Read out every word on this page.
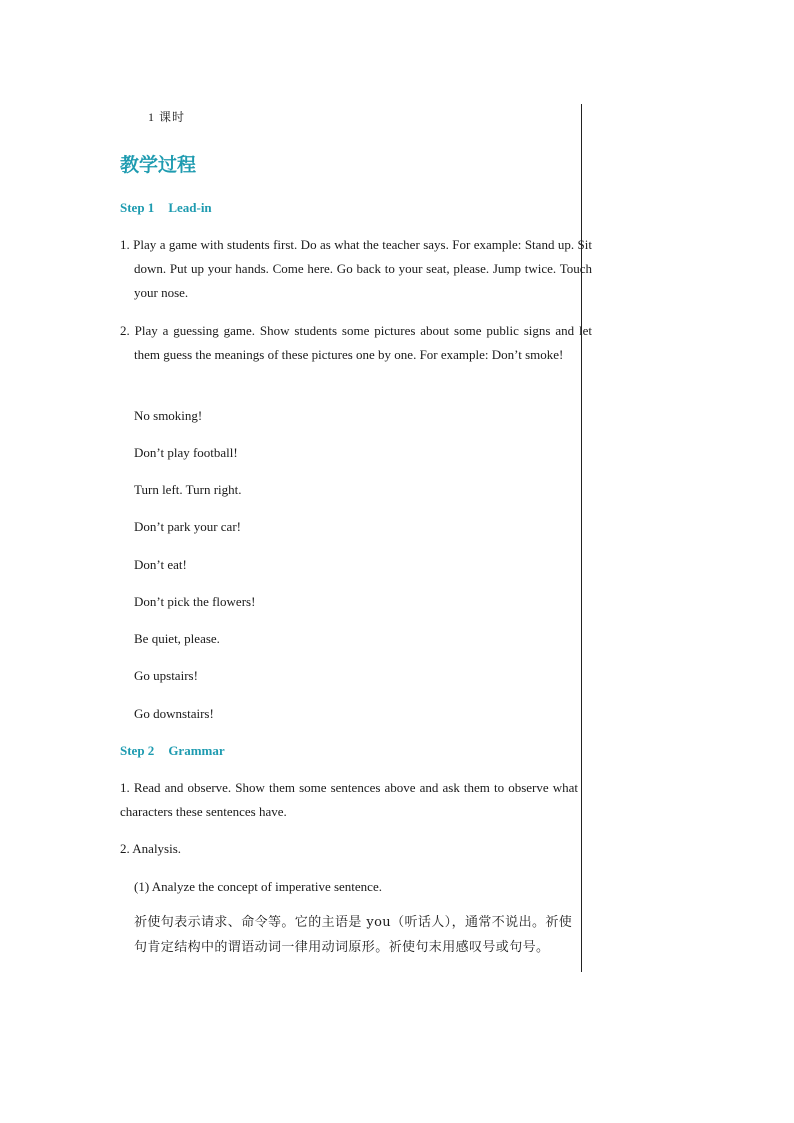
1 课时
教学过程
Step 1 Lead-in
1. Play a game with students first. Do as what the teacher says. For example: Stand up. Sit down. Put up your hands. Come here. Go back to your seat, please. Jump twice. Touch your nose.
2. Play a guessing game. Show students some pictures about some public signs and let them guess the meanings of these pictures one by one. For example: Don’t smoke!
No smoking!
Don’t play football!
Turn left. Turn right.
Don’t park your car!
Don’t eat!
Don’t pick the flowers!
Be quiet, please.
Go upstairs!
Go downstairs!
Step 2 Grammar
1. Read and observe. Show them some sentences above and ask them to observe what characters these sentences have.
2. Analysis.
(1) Analyze the concept of imperative sentence.
祈使句表示请求、命令等。它的主语是 you（听话人），通常不说出。祈使句肯定结构中的谓语动词一律用动词原形。祈使句末用感叹号或句号。
